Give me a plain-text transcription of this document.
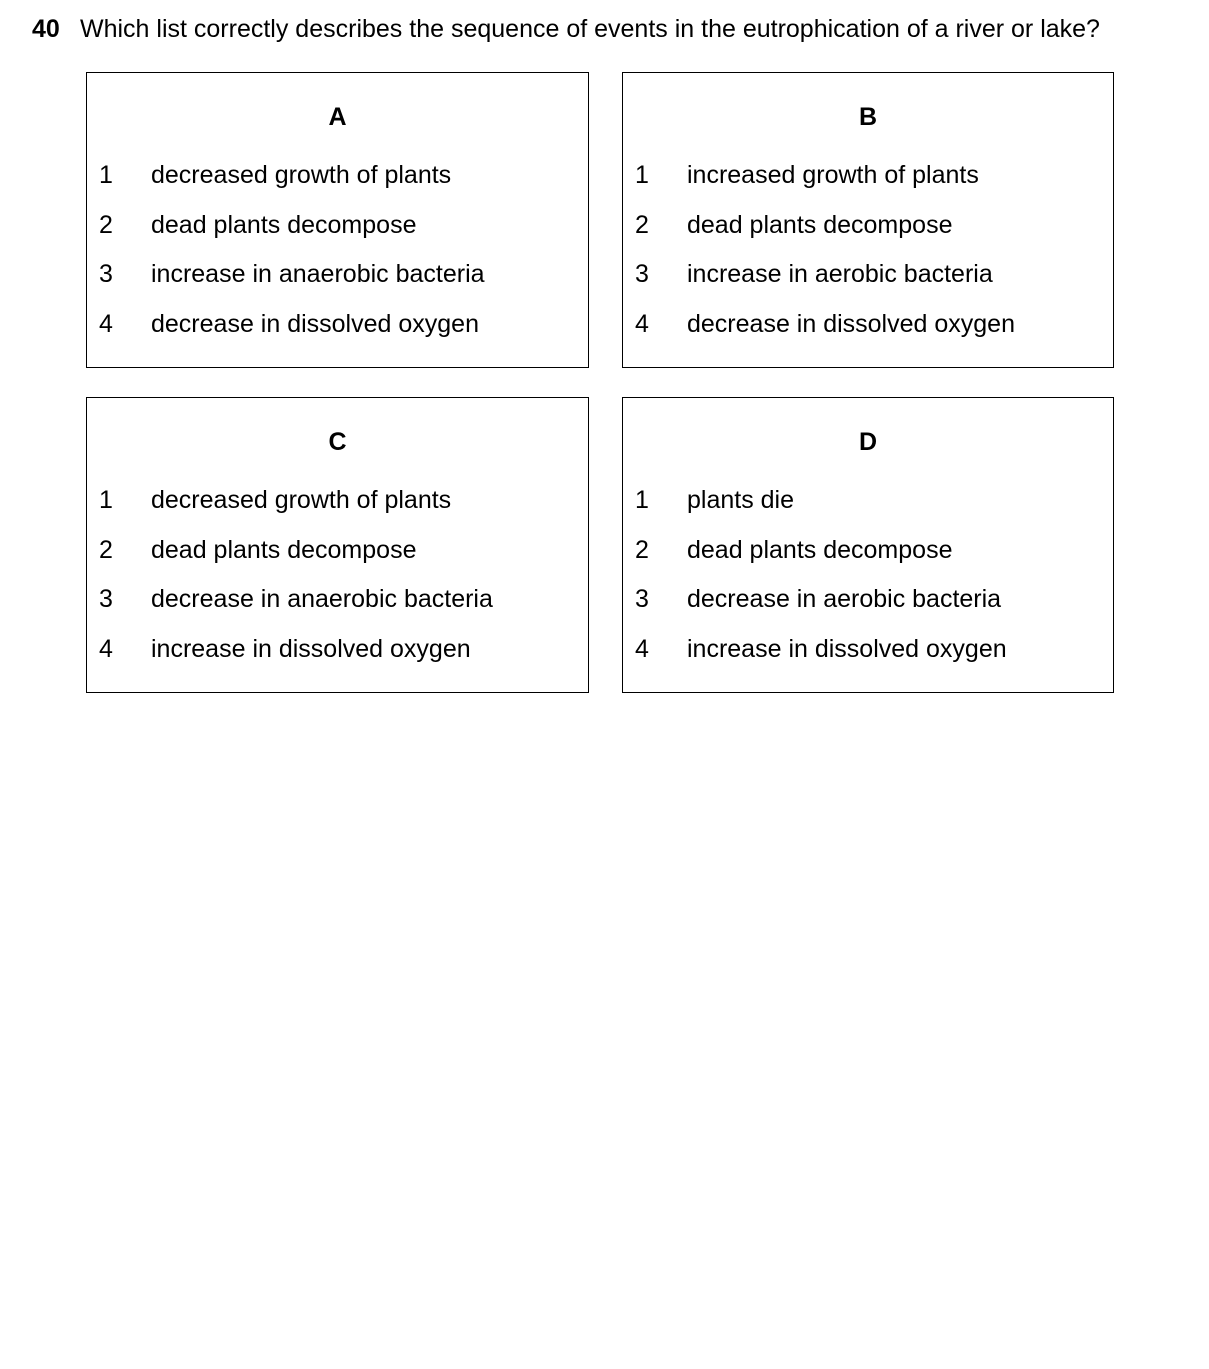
40 Which list correctly describes the sequence of events in the eutrophication of a river or lake?
A
1 decreased growth of plants
2 dead plants decompose
3 increase in anaerobic bacteria
4 decrease in dissolved oxygen
B
1 increased growth of plants
2 dead plants decompose
3 increase in aerobic bacteria
4 decrease in dissolved oxygen
C
1 decreased growth of plants
2 dead plants decompose
3 decrease in anaerobic bacteria
4 increase in dissolved oxygen
D
1 plants die
2 dead plants decompose
3 decrease in aerobic bacteria
4 increase in dissolved oxygen
